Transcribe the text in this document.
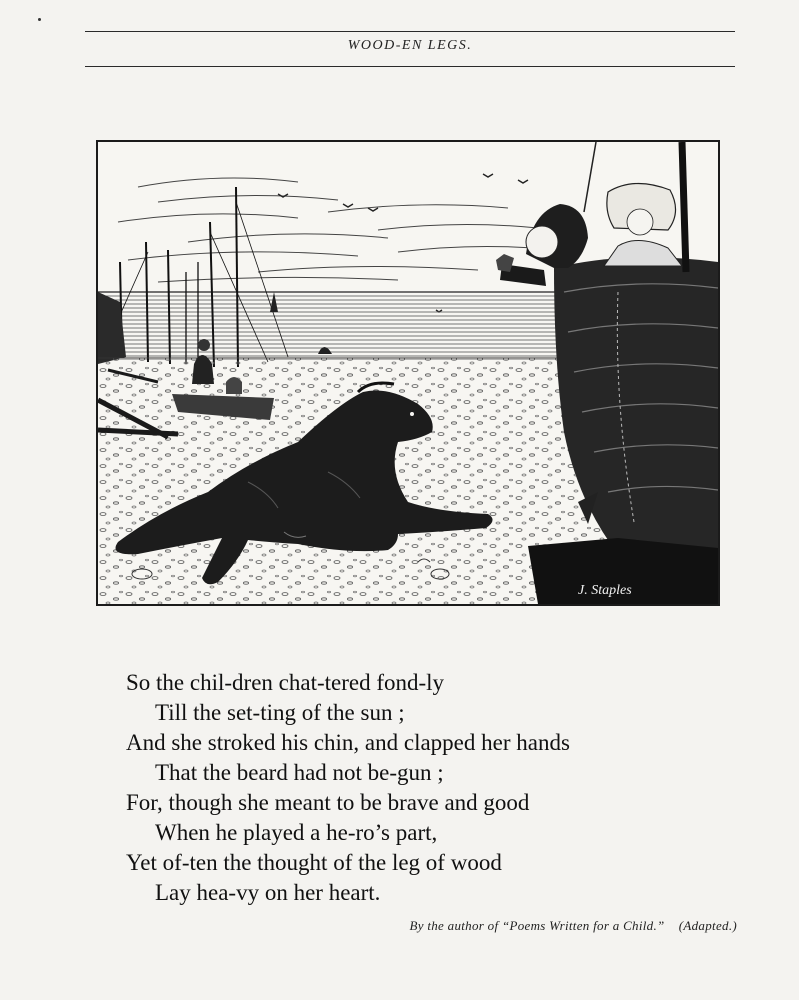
WOOD-EN LEGS.
J. Staples
So the chil-dren chat-tered fond-ly
Till the set-ting of the sun ;
And she stroked his chin, and clapped her hands
That the beard had not be-gun ;
For, though she meant to be brave and good
When he played a he-ro’s part,
Yet of-ten the thought of the leg of wood
Lay hea-vy on her heart.
By the author of “Poems Written for a Child.” (Adapted.)
